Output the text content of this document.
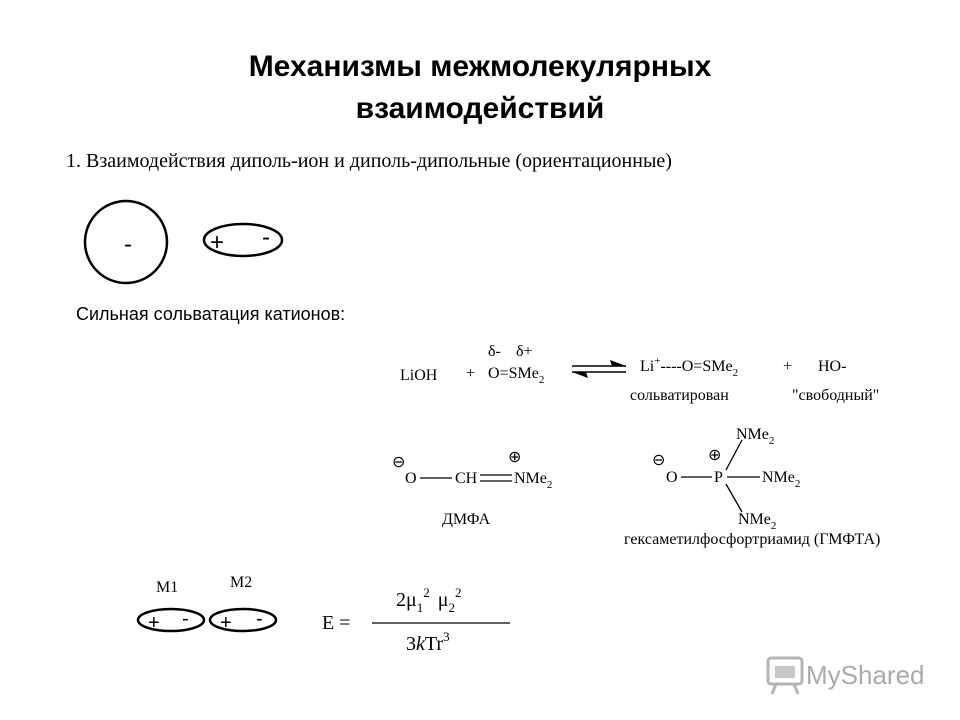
Механизмы межмолекулярных
взаимодействий
1. Взаимодействия диполь-ион и диполь-дипольные (ориентационные)
Сильная сольватация катионов:
-	+ -
LiOH +
δ- δ+
O=SMe$_2$
Li+----O=SMe$_2$	+ HO-
сольватирован	"свободный"
⊖
O CH
⊕
NMe$_2$
ДМФА
⊖
O P
⊕
NMe$_2$
NMe$_2$
NMe$_2$
гексаметилфосфортриамид (ГМФТА)
M1	M2
+ - + -	E =
$2\mu_1^2$ $\mu_2^2$
3kTr$^3$
MyShared
